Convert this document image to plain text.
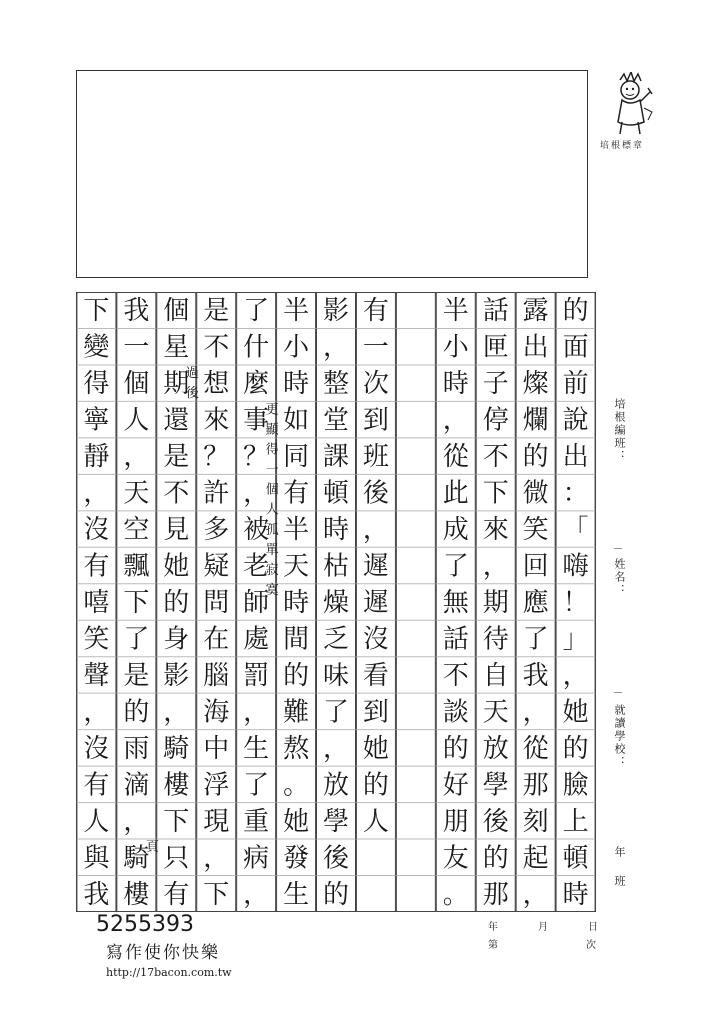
培根標章
的
面
前
說
出
：
「
嗨
！
」
，
她
的
臉
上
頓
時
露
出
燦
爛
的
微
笑
回
應
了
我
，
從
那
刻
起
，
話
匣
子
停
不
下
來
，
期
待
自
天
放
學
後
的
那
半
小
時
，
從
此
成
了
無
話
不
談
的
好
朋
友
。
有
一
次
到
班
後
，
遲
遲
沒
看
到
她
的
人
影
，
整
堂
課
頓
時
枯
燥
乏
味
了
，
放
學
後
的
半
小
時
如
同
有
半
天
時
間
的
難
熬
。
她
發
生
了
什
麼
事
？
，
被
老
師
處
罰
，
生
了
重
病
，
是
不
想
來
？
許
多
疑
問
在
腦
海
中
浮
現
，
下
個
星
期
還
是
不
見
她
的
身
影
，
騎
樓
下
只
有
我
一
個
人
，
天
空
飄
下
了
是
的
雨
滴
，
騎
樓
下
變
得
寧
靜
，
沒
有
嘻
笑
聲
，
沒
有
人
與
我
更
顯
得
一
個
人
孤
單
寂
寞
過
後
頁
培根編班：
姓名：
就讀學校：
年班
年	月	日
第	次
5255393
寫作使你快樂
http://17bacon.com.tw
